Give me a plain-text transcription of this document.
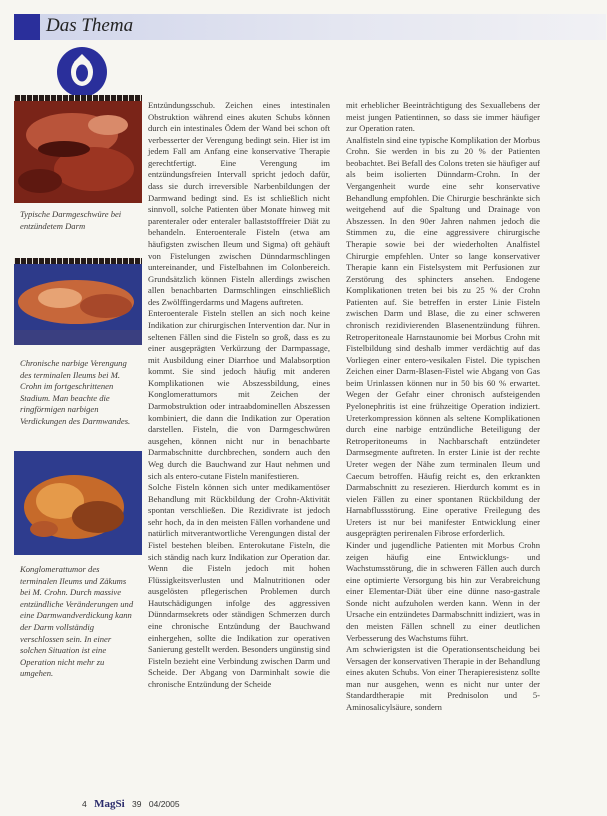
Das Thema

Typische Darmgeschwüre bei entzündetem Darm

Chronische narbige Verengung des terminalen Ileums bei M. Crohn im fortgeschrittenen Stadium. Man beachte die ringförmigen narbigen Verdickungen des Darmwandes.

Konglomerattumor des terminalen Ileums und Zäkums bei M. Crohn. Durch massive entzündliche Veränderungen und eine Darmwandverdickung kann der Darm vollständig verschlossen sein. In einer solchen Situation ist eine Operation nicht mehr zu umgehen.

Entzündungsschub. Zeichen eines intestinalen Obstruktion während eines akuten Schubs können durch ein intestinales Ödem der Wand bei schon oft verbesserter der Verengung bedingt sein. Hier ist im jedem Fall am Anfang eine konservative Therapie gerechtfertigt. Eine Verengung im entzündungsfreien Intervall spricht jedoch dafür, dass sie durch irreversible Narbenbildungen der Darmwand bedingt sind. Es ist schließlich nicht sinnvoll, solche Patienten über Monate hinweg mit parenteraler oder enteraler ballaststofffreier Diät zu behandeln. Enteroenterale Fisteln (etwa am häufigsten zwischen Ileum und Sigma) oft gehäuft von Fistelungen zwischen Dünndarmschlingen untereinander, und Fistelbahnen im Colonbereich. Grundsätzlich können Fisteln allerdings zwischen allen benachbarten Darmschlingen einschließlich des Zwölffingerdarms und Magens auftreten.

Enteroenterale Fisteln stellen an sich noch keine Indikation zur chirurgischen Intervention dar. Nur in seltenen Fällen sind die Fisteln so groß, dass es zu einer ausgeprägten Verkürzung der Darmpassage, mit Ausbildung einer Diarrhoe und Malabsorption kommt. Sie sind jedoch häufig mit anderen Komplikationen wie Abszessbildung, eines Konglomerattumors mit Zeichen der Darmobstruktion oder intraabdominellen Abszessen kombiniert, die dann die Indikation zur Operation darstellen. Fisteln, die von Darmgeschwüren ausgehen, können nicht nur in benachbarte Darmabschnitte durchbrechen, sondern auch den Weg durch die Bauchwand zur Haut nehmen und sich als entero-cutane Fisteln manifestieren.

Solche Fisteln können sich unter medikamentöser Behandlung mit Rückbildung der Crohn-Aktivität spontan verschließen. Die Rezidivrate ist jedoch sehr hoch, da in den meisten Fällen vorhandene und natürlich mitverantwortliche Verengungen distal der Fistel bestehen bleiben. Enterokutane Fisteln, die sich ständig nach kurz Indikation zur Operation dar. Wenn die Fisteln jedoch mit hohen Flüssigkeitsverlusten und Malnutritionen oder ausgelösten pflegerischen Problemen durch Hautschädigungen infolge des aggressiven Dünndarmsekrets oder ständigen Schmerzen durch eine chronische Entzündung der Bauchwand einhergehen, sollte die Indikation zur operativen Sanierung gestellt werden. Besonders ungünstig sind Fisteln bezieht eine Verbindung zwischen Darm und Scheide. Der Abgang von Darminhalt sowie die chronische Entzündung der Scheide

mit erheblicher Beeinträchtigung des Sexuallebens der meist jungen Patientinnen, so dass sie immer häufiger zur Operation raten.

Analfisteln sind eine typische Komplikation der Morbus Crohn. Sie werden in bis zu 20 % der Patienten beobachtet. Bei Befall des Colons treten sie häufiger auf als beim isolierten Dünndarm-Crohn. In der Vergangenheit wurde eine sehr konservative Behandlung empfohlen. Die Chirurgie beschränkte sich weitgehend auf die Spaltung und Drainage von Abszessen. In den 90er Jahren nahmen jedoch die Stimmen zu, die eine aggressivere chirurgische Therapie sowie bei der wiederholten Analfistel Chirurgie empfehlen. Unter so lange konservativer Therapie kann ein Fistelsystem mit Perfusionen zur Zerstörung des sphincters ansehen. Endogene Komplikationen treten bei bis zu 25 % der Crohn Patienten auf. Sie betreffen in erster Linie Fisteln zwischen Darm und Blase, die zu einer schweren chronisch rezidivierenden Blasenentzündung führen. Retroperitoneale Harnstaunomie bei Morbus Crohn mit Fistelbildung sind deshalb immer verdächtig auf das Vorliegen einer entero-vesikalen Fistel. Die typischen Zeichen einer Darm-Blasen-Fistel wie Abgang von Gas beim Urinlassen können nur in 50 bis 60 % erwartet. Wegen der Gefahr einer chronisch aufsteigenden Pyelonephritis ist eine frühzeitige Operation indiziert. Ureterkompression können als seltene Komplikationen durch eine narbige entzündliche Beteiligung der Retroperitoneums in Nachbarschaft entzündeter Darmsegmente auftreten. In erster Linie ist der rechte Ureter wegen der Nähe zum terminalen Ileum und Caecum betroffen. Häufig reicht es, den erkrankten Darmabschnitt zu resezieren. Hierdurch kommt es in vielen Fällen zu einer spontanen Rückbildung der Harnabflussstörung. Eine operative Freilegung des Ureters ist nur bei manifester Entwicklung einer ausgeprägten perirenalen Fibrose erforderlich.

Kinder und jugendliche Patienten mit Morbus Crohn zeigen häufig eine Entwicklungs- und Wachstumsstörung, die in schweren Fällen auch durch eine optimierte Versorgung bis hin zur Verabreichung einer Elementar-Diät über eine dünne naso-gastrale Sonde nicht aufzuholen werden kann. Wenn in der Ursache ein entzündetes Darmabschnitt indiziert, was in den meisten Fällen schnell zu einer deutlichen Verbesserung des Wachstums führt.

Am schwierigsten ist die Operationsentscheidung bei Versagen der konservativen Therapie in der Behandlung eines akuten Schubs. Von einer Therapieresistenz sollte man nur ausgehen, wenn es nicht nur unter der Standardtherapie mit Prednisolon und 5-Aminosalicylsäure, sondern

4 MagSi 39 04/2005
